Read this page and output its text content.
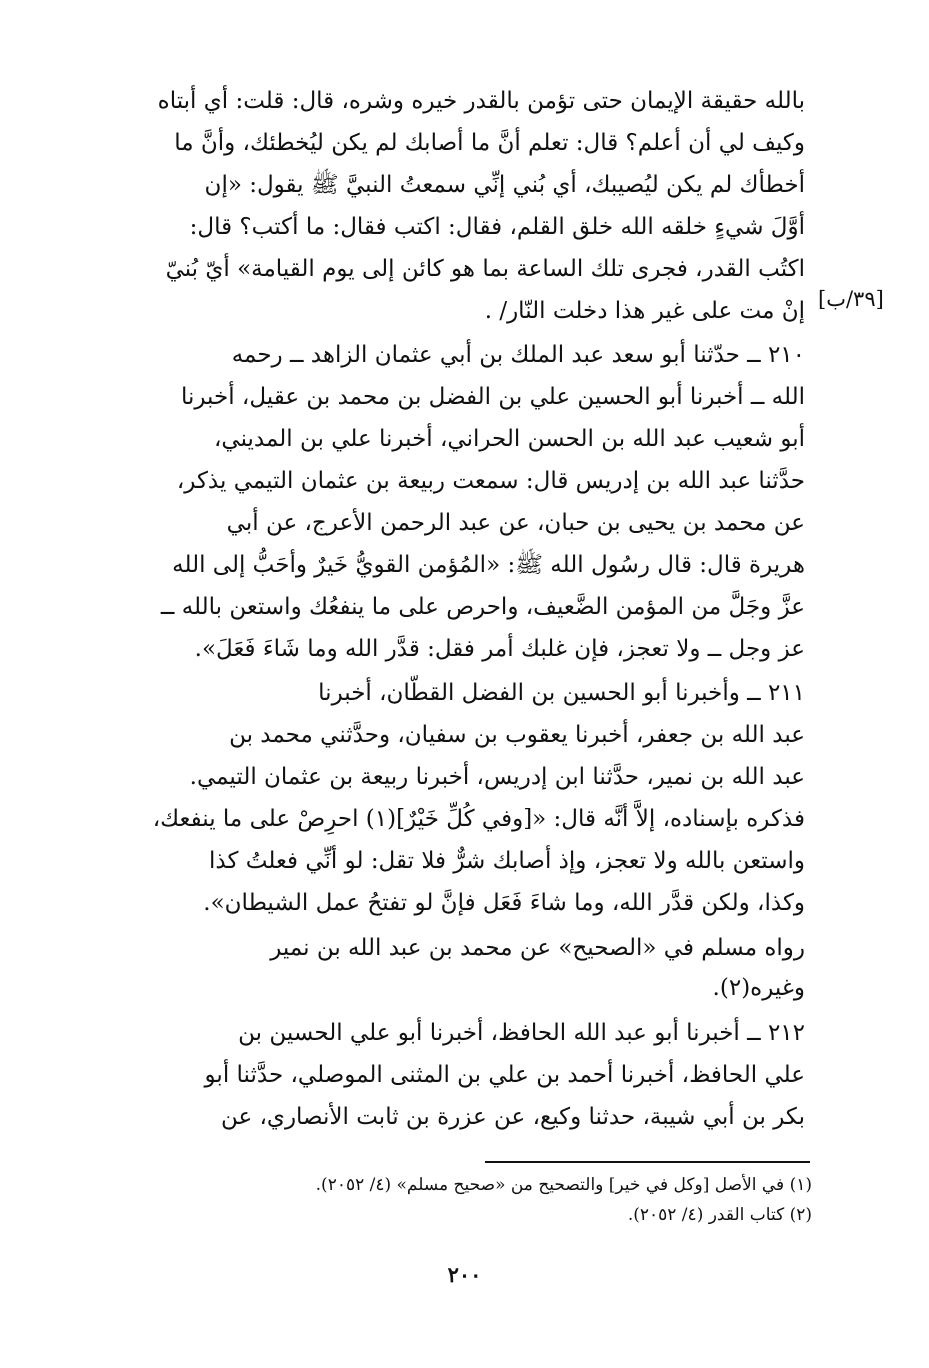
[٣٩/ب]
بالله حقيقة الإيمان حتى تؤمن بالقدر خيره وشره، قال: قلت: أي أبتاه
وكيف لي أن أعلم؟ قال: تعلم أنَّ ما أصابك لم يكن ليُخطئك، وأنَّ ما
أخطأك لم يكن ليُصيبك، أي بُني إنِّي سمعتُ النبيَّ ﷺ يقول: «إن
أوَّلَ شيءٍ خلقه الله خلق القلم، فقال: اكتب فقال: ما أكتب؟ قال:
اكتُب القدر، فجرى تلك الساعة بما هو كائن إلى يوم القيامة» أيّ بُنيّ
إنْ مت على غير هذا دخلت النّار/ .
٢١٠ ــ حدّثنا أبو سعد عبد الملك بن أبي عثمان الزاهد ــ رحمه
الله ــ أخبرنا أبو الحسين علي بن الفضل بن محمد بن عقيل، أخبرنا
أبو شعيب عبد الله بن الحسن الحراني، أخبرنا علي بن المديني،
حدَّثنا عبد الله بن إدريس قال: سمعت ربيعة بن عثمان التيمي يذكر،
عن محمد بن يحيى بن حبان، عن عبد الرحمن الأعرج، عن أبي
هريرة قال: قال رسُول الله ﷺ: «المُؤمن القويُّ خَيرٌ وأحَبُّ إلى الله
عزَّ وجَلَّ من المؤمن الضَّعيف، واحرص على ما ينفعُك واستعن بالله ــ
عز وجل ــ ولا تعجز، فإن غلبك أمر فقل: قدَّر الله وما شَاءَ فَعَلَ».
٢١١ ــ وأخبرنا أبو الحسين بن الفضل القطّان، أخبرنا
عبد الله بن جعفر، أخبرنا يعقوب بن سفيان، وحدَّثني محمد بن
عبد الله بن نمير، حدَّثنا ابن إدريس، أخبرنا ربيعة بن عثمان التيمي.
فذكره بإسناده، إلاَّ أنَّه قال: «[وفي كُلِّ خَيْرٌ](١) احرِصْ على ما ينفعك،
واستعن بالله ولا تعجز، وإذ أصابك شرٌّ فلا تقل: لو أنِّي فعلتُ كذا
وكذا، ولكن قدَّر الله، وما شاءَ فَعَل فإنَّ لو تفتحُ عمل الشيطان».
رواه مسلم في «الصحيح» عن محمد بن عبد الله بن نمير
وغيره(٢).
٢١٢ ــ أخبرنا أبو عبد الله الحافظ، أخبرنا أبو علي الحسين بن
علي الحافظ، أخبرنا أحمد بن علي بن المثنى الموصلي، حدَّثنا أبو
بكر بن أبي شيبة، حدثنا وكيع، عن عزرة بن ثابت الأنصاري، عن
(١) في الأصل [وكل في خير] والتصحيح من «صحيح مسلم» (٤/ ٢٠٥٢).
(٢) كتاب القدر (٤/ ٢٠٥٢).
٢٠٠
